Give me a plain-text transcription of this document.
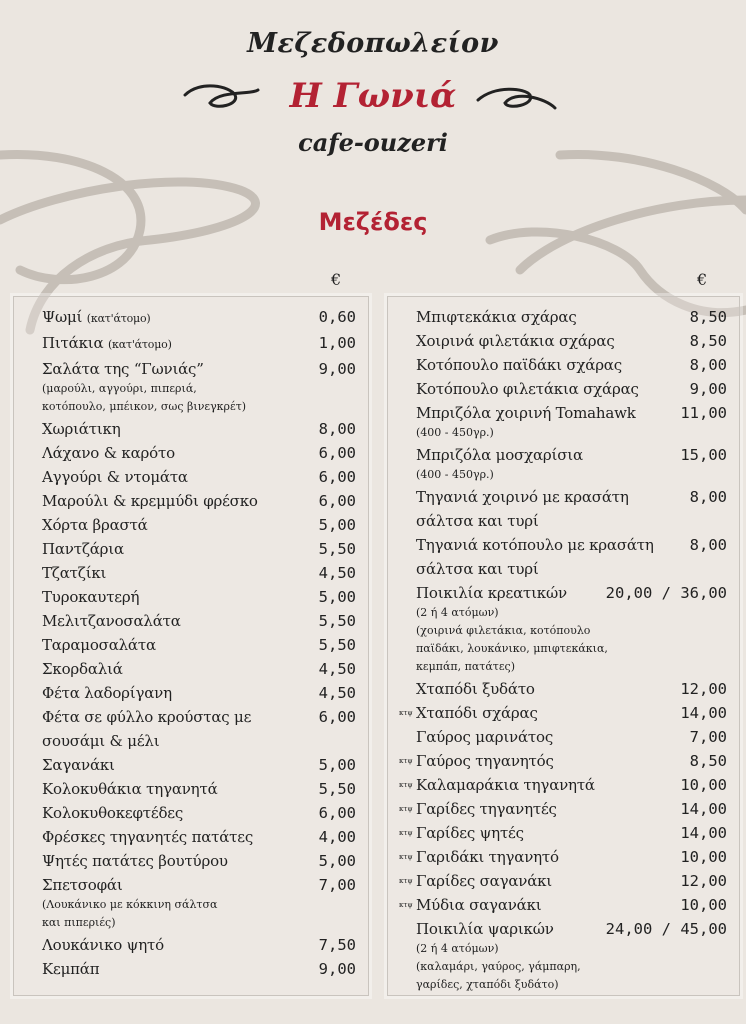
Μεζεδοπωλείον
Η Γωνιά
cafe-ouzeri
Μεζέδες
€	€
Ψωμί (κατ'άτομο)	0,60
Πιτάκια (κατ'άτομο)	1,00
Σαλάτα της “Γωνιάς”	9,00
(μαρούλι, αγγούρι, πιπεριά,
κοτόπουλο, μπέικον, σως βινεγκρέτ)
Χωριάτικη	8,00
Λάχανο & καρότο	6,00
Αγγούρι & ντομάτα	6,00
Μαρούλι & κρεμμύδι φρέσκο	6,00
Χόρτα βραστά	5,00
Παντζάρια	5,50
Τζατζίκι	4,50
Τυροκαυτερή	5,00
Μελιτζανοσαλάτα	5,50
Ταραμοσαλάτα	5,50
Σκορδαλιά	4,50
Φέτα λαδορίγανη	4,50
Φέτα σε φύλλο κρούστας με
σουσάμι & μέλι
6,00
Σαγανάκι	5,00
Κολοκυθάκια τηγανητά	5,50
Κολοκυθοκεφτέδες	6,00
Φρέσκες τηγανητές πατάτες	4,00
Ψητές πατάτες βουτύρου	5,00
Σπετσοφάι	7,00
(Λουκάνικο με κόκκινη σάλτσα
και πιπεριές)
Λουκάνικο ψητό	7,50
Κεμπάπ	9,00
Μπιφτεκάκια σχάρας	8,50
Χοιρινά φιλετάκια σχάρας	8,50
Κοτόπουλο παϊδάκι σχάρας	8,00
Κοτόπουλο φιλετάκια σχάρας	9,00
Μπριζόλα χοιρινή Tomahawk	11,00
(400 - 450γρ.)
Μπριζόλα μοσχαρίσια	15,00
(400 - 450γρ.)
Τηγανιά χοιρινό με κρασάτη
σάλτσα και τυρί
8,00
Τηγανιά κοτόπουλο με κρασάτη
σάλτσα και τυρί
8,00
Ποικιλία κρεατικών	20,00 / 36,00
(2 ή 4 ατόμων)
(χοιρινά φιλετάκια, κοτόπουλο
παϊδάκι, λουκάνικο, μπιφτεκάκια,
κεμπάπ, πατάτες)
Χταπόδι ξυδάτο	12,00
κτψ Χταπόδι σχάρας	14,00
Γαύρος μαρινάτος	7,00
κτψ Γαύρος τηγανητός	8,50
κτψ Καλαμαράκια τηγανητά	10,00
κτψ Γαρίδες τηγανητές	14,00
κτψ Γαρίδες ψητές	14,00
κτψ Γαριδάκι τηγανητό	10,00
κτψ Γαρίδες σαγανάκι	12,00
κτψ Μύδια σαγανάκι	10,00
Ποικιλία ψαρικών	24,00 / 45,00
(2 ή 4 ατόμων)
(καλαμάρι, γαύρος, γάμπαρη,
γαρίδες, χταπόδι ξυδάτο)
